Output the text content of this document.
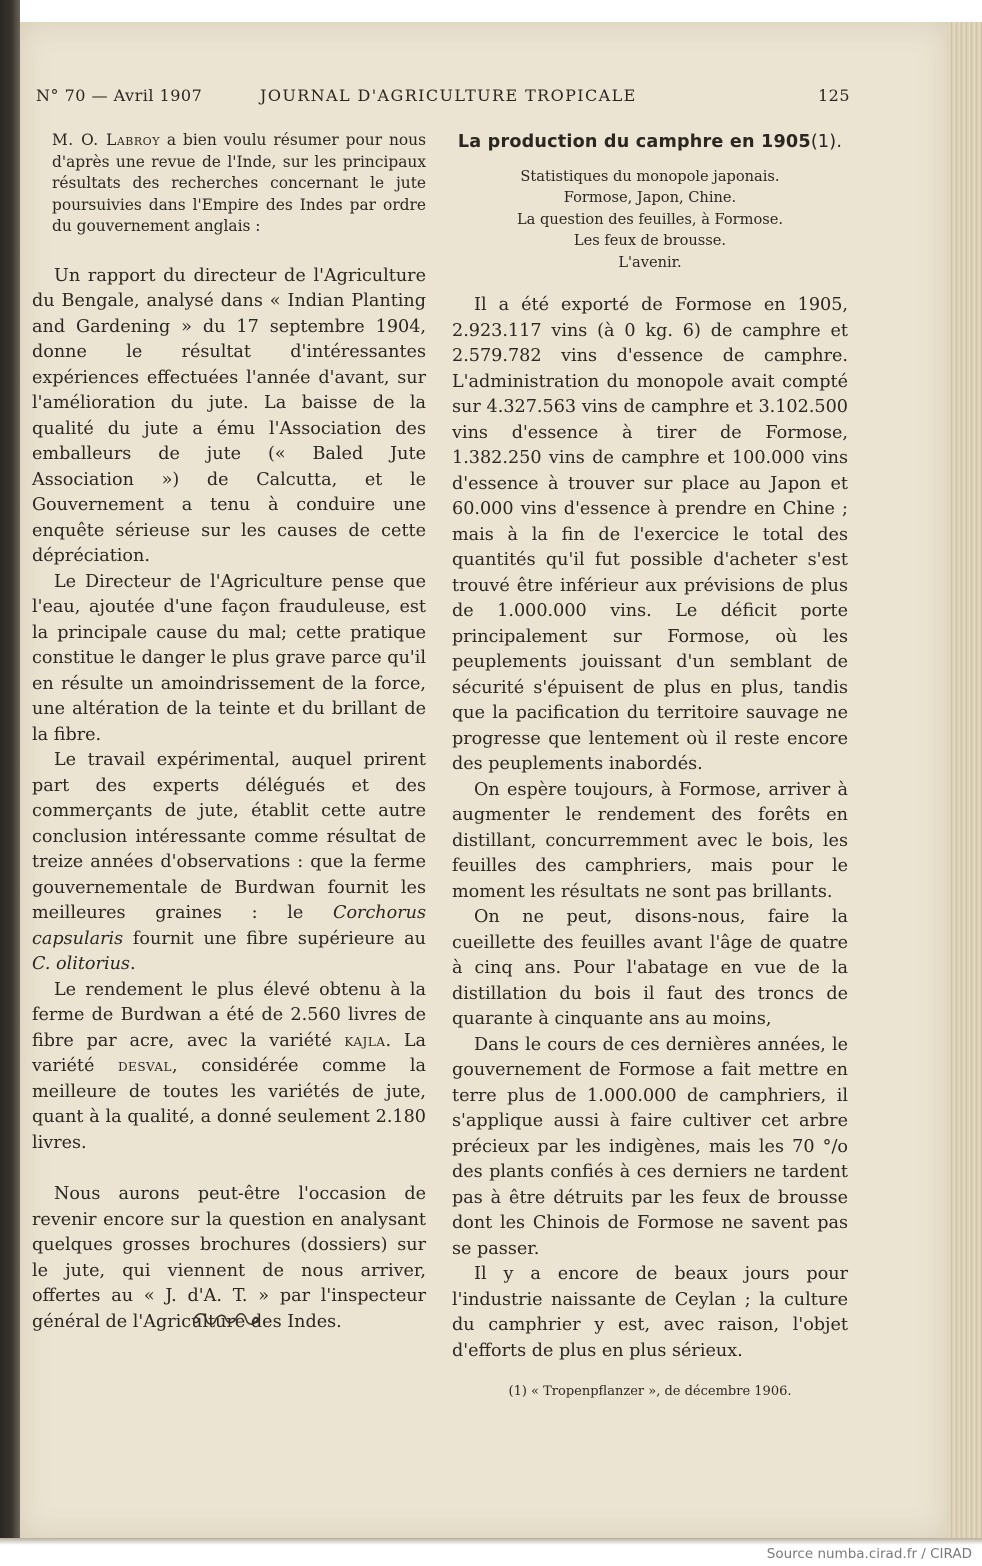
N° 70 — Avril 1907	JOURNAL D'AGRICULTURE TROPICALE	125

M. O. Labroy a bien voulu résumer pour nous d'après une revue de l'Inde, sur les principaux résultats des recherches concernant le jute poursuivies dans l'Empire des Indes par ordre du gouvernement anglais :

Un rapport du directeur de l'Agriculture du Bengale, analysé dans « Indian Planting and Gardening » du 17 septembre 1904, donne le résultat d'intéressantes expériences effectuées l'année d'avant, sur l'amélioration du jute. La baisse de la qualité du jute a ému l'Association des emballeurs de jute (« Baled Jute Association ») de Calcutta, et le Gouvernement a tenu à conduire une enquête sérieuse sur les causes de cette dépréciation.

Le Directeur de l'Agriculture pense que l'eau, ajoutée d'une façon frauduleuse, est la principale cause du mal; cette pratique constitue le danger le plus grave parce qu'il en résulte un amoindrissement de la force, une altération de la teinte et du brillant de la fibre.

Le travail expérimental, auquel prirent part des experts délégués et des commerçants de jute, établit cette autre conclusion intéressante comme résultat de treize années d'observations : que la ferme gouvernementale de Burdwan fournit les meilleures graines : le Corchorus capsularis fournit une fibre supérieure au C. olitorius.

Le rendement le plus élevé obtenu à la ferme de Burdwan a été de 2.560 livres de fibre par acre, avec la variété kajla. La variété desval, considérée comme la meilleure de toutes les variétés de jute, quant à la qualité, a donné seulement 2.180 livres.

Nous aurons peut-être l'occasion de revenir encore sur la question en analysant quelques grosses brochures (dossiers) sur le jute, qui viennent de nous arriver, offertes au « J. d'A. T. » par l'inspecteur général de l'Agriculture des Indes.

La production du camphre en 1905(1).

Statistiques du monopole japonais.

Formose, Japon, Chine.

La question des feuilles, à Formose.

Les feux de brousse.

L'avenir.

Il a été exporté de Formose en 1905, 2.923.117 vins (à 0 kg. 6) de camphre et 2.579.782 vins d'essence de camphre. L'administration du monopole avait compté sur 4.327.563 vins de camphre et 3.102.500 vins d'essence à tirer de Formose, 1.382.250 vins de camphre et 100.000 vins d'essence à trouver sur place au Japon et 60.000 vins d'essence à prendre en Chine ; mais à la fin de l'exercice le total des quantités qu'il fut possible d'acheter s'est trouvé être inférieur aux prévisions de plus de 1.000.000 vins. Le déficit porte principalement sur Formose, où les peuplements jouissant d'un semblant de sécurité s'épuisent de plus en plus, tandis que la pacification du territoire sauvage ne progresse que lentement où il reste encore des peuplements inabordés.

On espère toujours, à Formose, arriver à augmenter le rendement des forêts en distillant, concurremment avec le bois, les feuilles des camphriers, mais pour le moment les résultats ne sont pas brillants.

On ne peut, disons-nous, faire la cueillette des feuilles avant l'âge de quatre à cinq ans. Pour l'abatage en vue de la distillation du bois il faut des troncs de quarante à cinquante ans au moins,

Dans le cours de ces dernières années, le gouvernement de Formose a fait mettre en terre plus de 1.000.000 de camphriers, il s'applique aussi à faire cultiver cet arbre précieux par les indigènes, mais les 70 °/o des plants confiés à ces derniers ne tardent pas à être détruits par les feux de brousse dont les Chinois de Formose ne savent pas se passer.

Il y a encore de beaux jours pour l'industrie naissante de Ceylan ; la culture du camphrier y est, avec raison, l'objet d'efforts de plus en plus sérieux.

(1) « Tropenpflanzer », de décembre 1906.

Source numba.cirad.fr / CIRAD
